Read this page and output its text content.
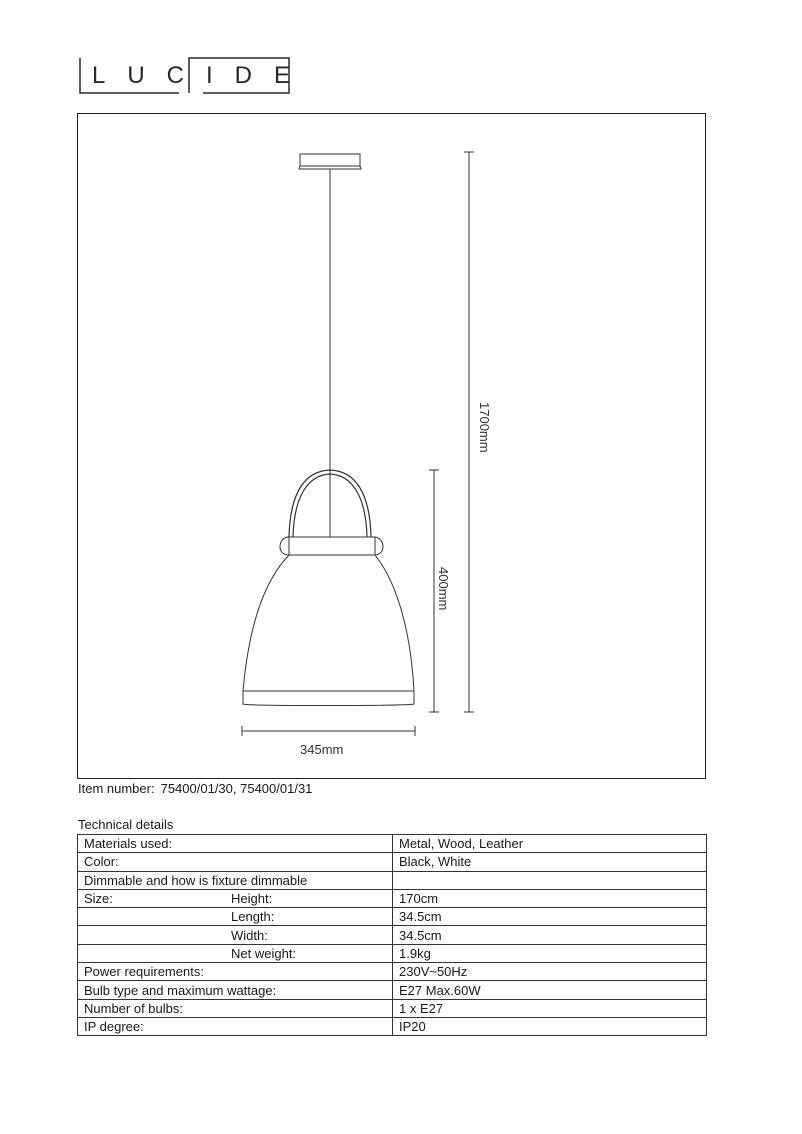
LUCIDE
1700mm
400mm
345mm
Item number: 75400/01/30, 75400/01/31
Technical details
Materials used:	Metal, Wood, Leather
Color:	Black, White
Dimmable and how is fixture dimmable	
Size: Height:	170cm
Length:	34.5cm
Width:	34.5cm
Net weight:	1.9kg
Power requirements:	230V~50Hz
Bulb type and maximum wattage:	E27 Max.60W
Number of bulbs:	1 x E27
IP degree:	IP20
